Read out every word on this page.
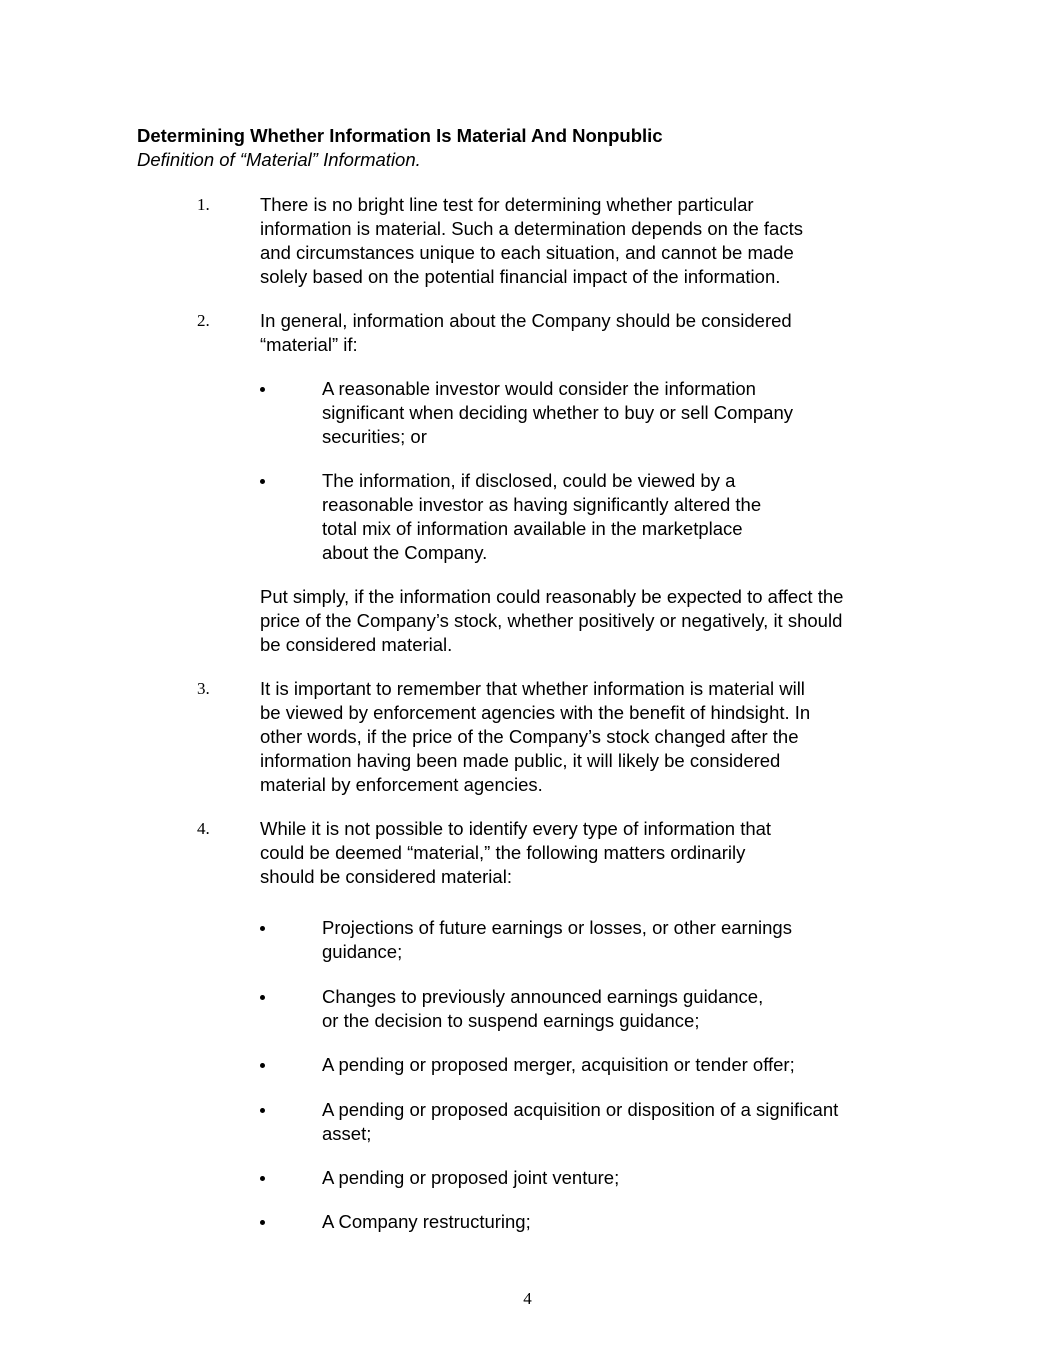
Determining Whether Information Is Material And Nonpublic
Definition of “Material” Information.
1.	There is no bright line test for determining whether particular
information is material. Such a determination depends on the facts
and circumstances unique to each situation, and cannot be made
solely based on the potential financial impact of the information.
2.	In general, information about the Company should be considered
“material” if:
A reasonable investor would consider the information
significant when deciding whether to buy or sell Company
securities; or
The information, if disclosed, could be viewed by a
reasonable investor as having significantly altered the
total mix of information available in the marketplace
about the Company.
Put simply, if the information could reasonably be expected to affect the
price of the Company’s stock, whether positively or negatively, it should
be considered material.
3.	It is important to remember that whether information is material will
be viewed by enforcement agencies with the benefit of hindsight. In
other words, if the price of the Company’s stock changed after the
information having been made public, it will likely be considered
material by enforcement agencies.
4.	While it is not possible to identify every type of information that
could be deemed “material,” the following matters ordinarily
should be considered material:
Projections of future earnings or losses, or other earnings
guidance;
Changes to previously announced earnings guidance,
or the decision to suspend earnings guidance;
A pending or proposed merger, acquisition or tender offer;
A pending or proposed acquisition or disposition of a significant
asset;
A pending or proposed joint venture;
A Company restructuring;
4
